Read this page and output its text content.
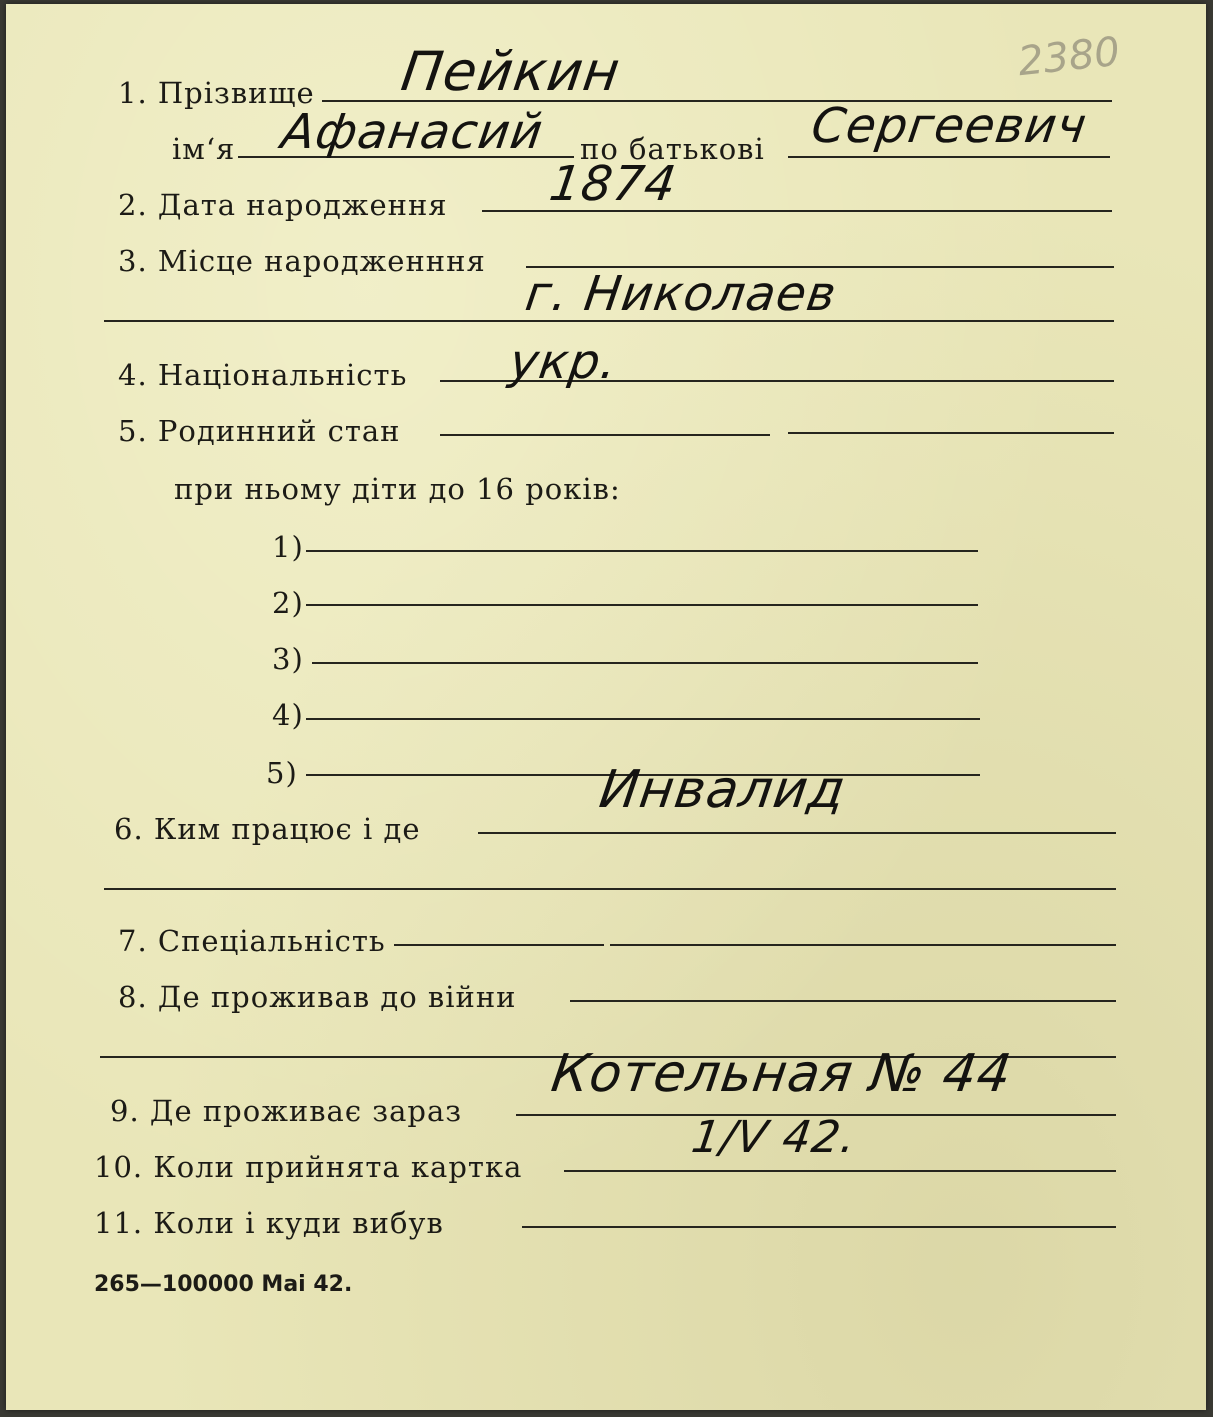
2380
1. Прізвище Пейкин
ім‘я Афанасий по батькові Сергеевич
2. Дата народження 1874
3. Місце народженння
г. Николаев
4. Національність укр.
5. Родинний стан
при ньому діти до 16 років:
1)
2)
3)
4)
5)
6. Ким працює і де
Инвалид
7. Спеціальність
8. Де проживав до війни
9. Де проживає зараз
Котельная № 44
10. Коли прийнята картка
1/V 42.
11. Коли і куди вибув
265—100000 Mai 42.
